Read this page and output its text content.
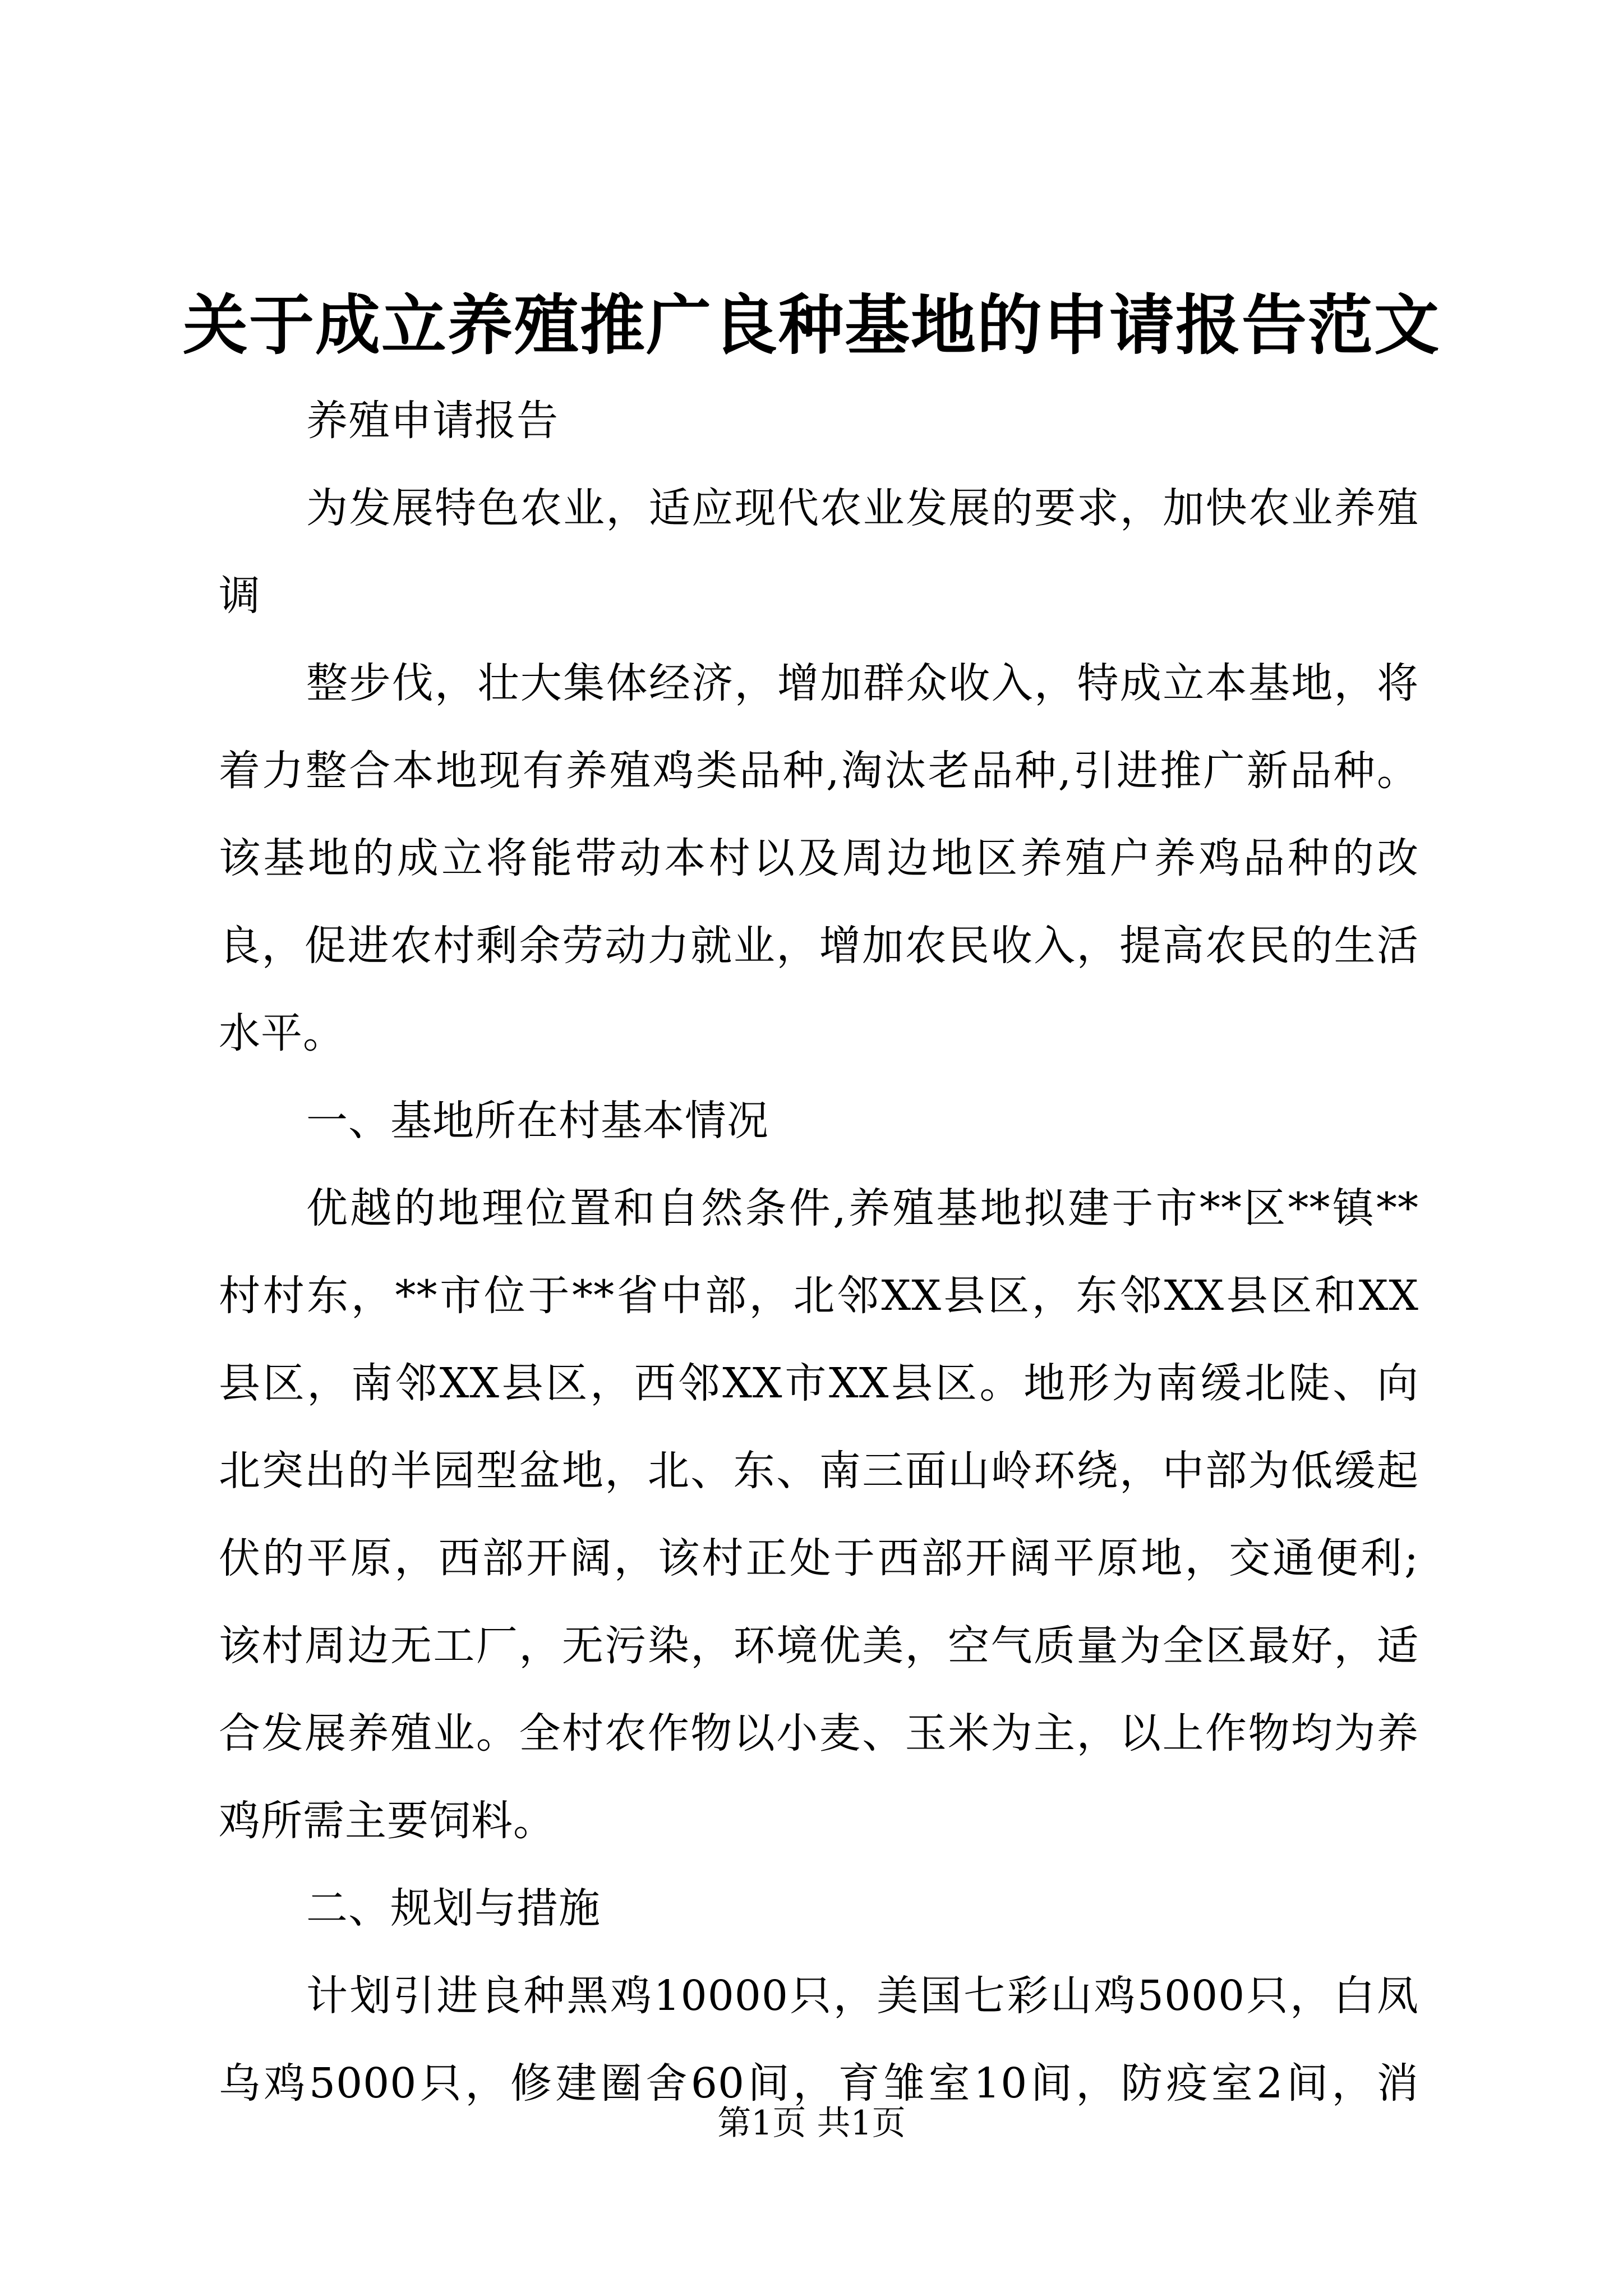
关于成立养殖推广良种基地的申请报告范文
养殖申请报告
为发展特色农业，适应现代农业发展的要求，加快农业养殖
调
整步伐，壮大集体经济，增加群众收入，特成立本基地，将
着力整合本地现有养殖鸡类品种,淘汰老品种,引进推广新品种。
该基地的成立将能带动本村以及周边地区养殖户养鸡品种的改
良，促进农村剩余劳动力就业，增加农民收入，提高农民的生活
水平。
一、基地所在村基本情况
优越的地理位置和自然条件,养殖基地拟建于市**区**镇**
村村东，**市位于**省中部，北邻XX县区，东邻XX县区和XX
县区，南邻XX县区，西邻XX市XX县区。地形为南缓北陡、向
北突出的半园型盆地，北、东、南三面山岭环绕，中部为低缓起
伏的平原，西部开阔，该村正处于西部开阔平原地，交通便利;
该村周边无工厂，无污染，环境优美，空气质量为全区最好，适
合发展养殖业。全村农作物以小麦、玉米为主，以上作物均为养
鸡所需主要饲料。
二、规划与措施
计划引进良种黑鸡10000只，美国七彩山鸡5000只，白凤
乌鸡5000只，修建圈舍60间，育雏室10间，防疫室2间，消
第1页 共1页
